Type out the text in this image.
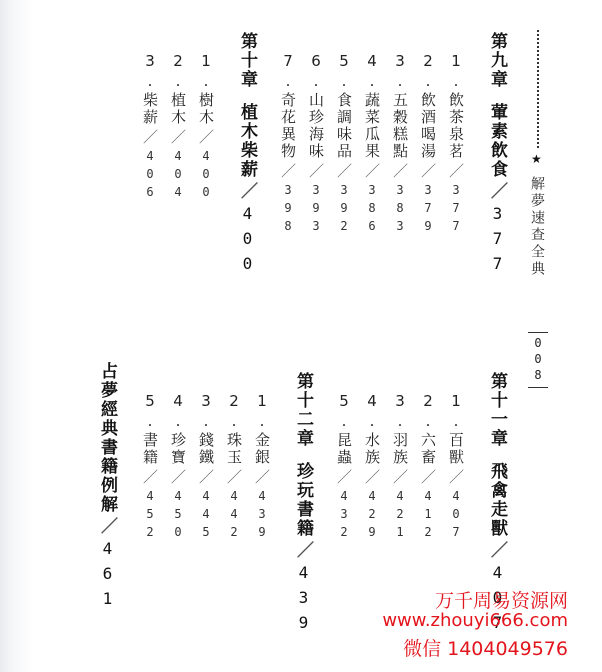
★
解夢速查全典
008
第九章葷素飲食／377
1.飲茶泉茗／377
2.飲酒喝湯／379
3.五穀糕點／383
4.蔬菜瓜果／386
5.食調味品／392
6.山珍海味／393
7.奇花異物／398
第十章植木柴薪／400
1.樹木／400
2.植木／404
3.柴薪／406
第十一章飛禽走獸／407
1.百獸／407
2.六畜／412
3.羽族／421
4.水族／429
5.昆蟲／432
第十二章珍玩書籍／439
1.金銀／439
2.珠玉／442
3.錢鐵／445
4.珍寶／450
5.書籍／452
占夢經典書籍例解／461	万千周易资源网
www.zhouyi666.com
微信 1404049576
